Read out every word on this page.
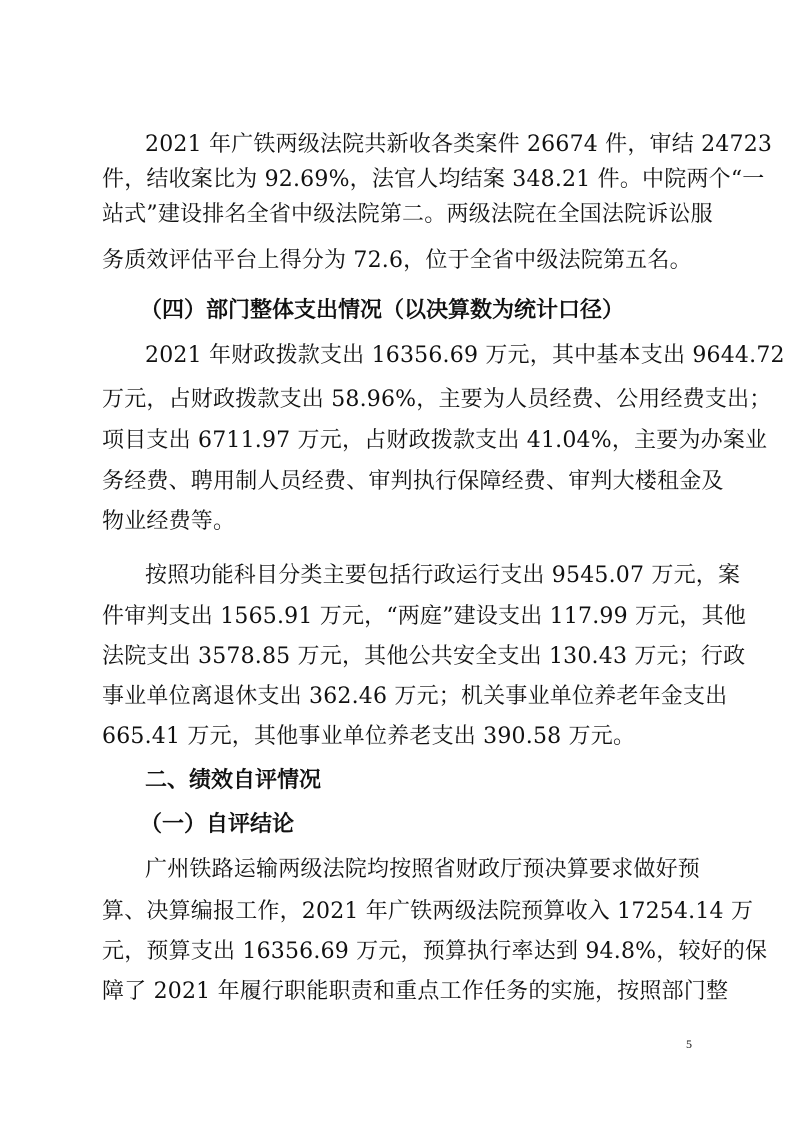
2021 年广铁两级法院共新收各类案件 26674 件，审结 24723
件，结收案比为 92.69%，法官人均结案 348.21 件。中院两个“一
站式”建设排名全省中级法院第二。两级法院在全国法院诉讼服
务质效评估平台上得分为 72.6，位于全省中级法院第五名。
（四）部门整体支出情况（以决算数为统计口径）
2021 年财政拨款支出 16356.69 万元，其中基本支出 9644.72
万元，占财政拨款支出 58.96%，主要为人员经费、公用经费支出；
项目支出 6711.97 万元，占财政拨款支出 41.04%，主要为办案业
务经费、聘用制人员经费、审判执行保障经费、审判大楼租金及
物业经费等。
按照功能科目分类主要包括行政运行支出 9545.07 万元，案
件审判支出 1565.91 万元，“两庭”建设支出 117.99 万元，其他
法院支出 3578.85 万元，其他公共安全支出 130.43 万元；行政
事业单位离退休支出 362.46 万元；机关事业单位养老年金支出
665.41 万元，其他事业单位养老支出 390.58 万元。
二、绩效自评情况
（一）自评结论
广州铁路运输两级法院均按照省财政厅预决算要求做好预
算、决算编报工作，2021 年广铁两级法院预算收入 17254.14 万
元，预算支出 16356.69 万元，预算执行率达到 94.8%，较好的保
障了 2021 年履行职能职责和重点工作任务的实施，按照部门整
5
